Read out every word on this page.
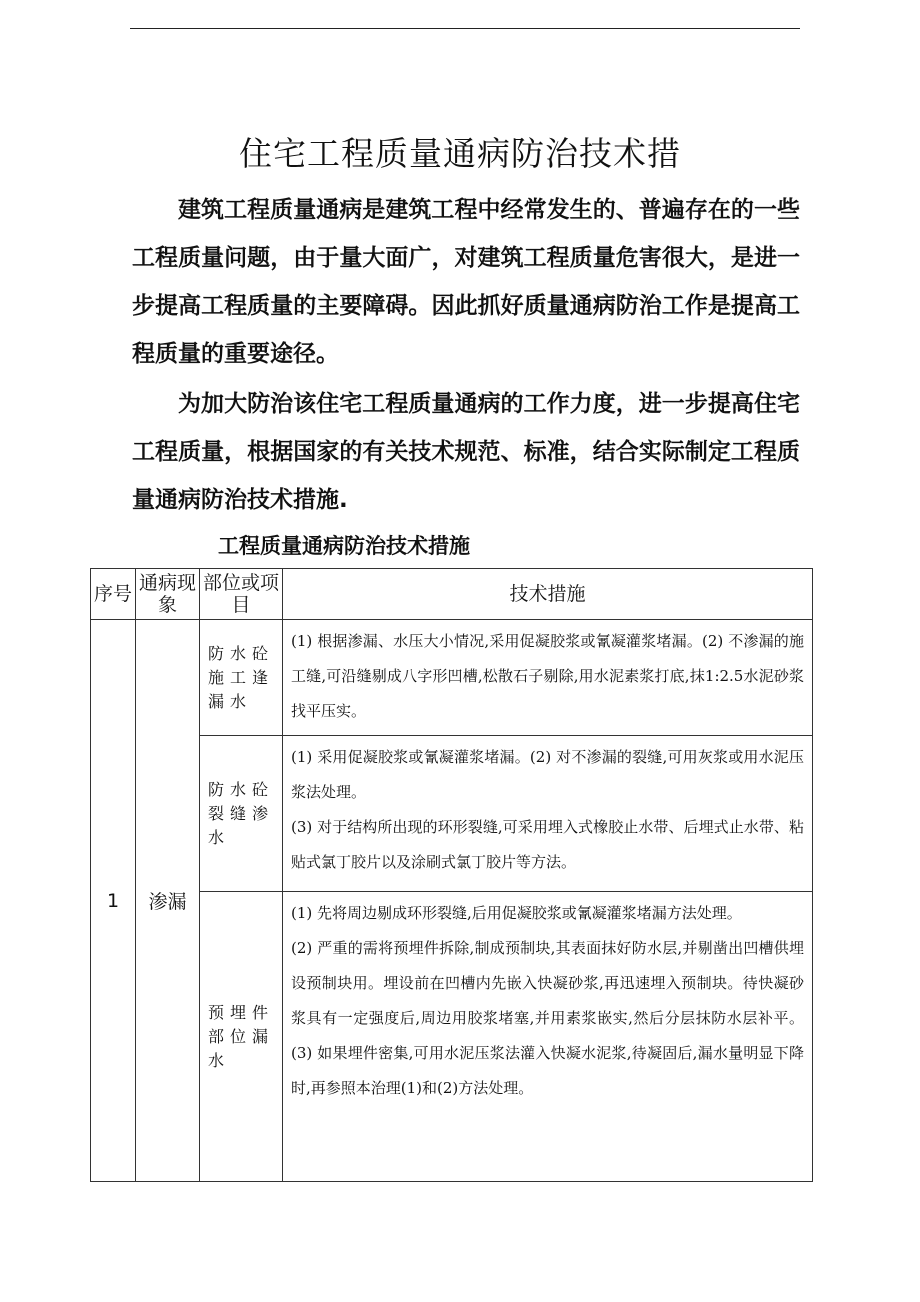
住宅工程质量通病防治技术措

建筑工程质量通病是建筑工程中经常发生的、普遍存在的一些工程质量问题，由于量大面广，对建筑工程质量危害很大，是进一步提高工程质量的主要障碍。因此抓好质量通病防治工作是提高工程质量的重要途径。

为加大防治该住宅工程质量通病的工作力度，进一步提高住宅工程质量，根据国家的有关技术规范、标准，结合实际制定工程质量通病防治技术措施.

工程质量通病防治技术措施
序号	通病现象	部位或项目	技术措施
1	渗漏	防水砼施工逢漏水	(1) 根据渗漏、水压大小情况,采用促凝胶浆或氰凝灌浆堵漏。(2) 不渗漏的施工缝,可沿缝剔成八字形凹槽,松散石子剔除,用水泥素浆打底,抹1:2.5水泥砂浆找平压实。

		防水砼裂缝渗水	(1) 采用促凝胶浆或氰凝灌浆堵漏。(2) 对不渗漏的裂缝,可用灰浆或用水泥压浆法处理。
(3) 对于结构所出现的环形裂缝,可采用埋入式橡胶止水带、后埋式止水带、粘贴式氯丁胶片以及涂刷式氯丁胶片等方法。

		预埋件部位漏水	(1) 先将周边剔成环形裂缝,后用促凝胶浆或氰凝灌浆堵漏方法处理。
(2) 严重的需将预埋件拆除,制成预制块,其表面抹好防水层,并剔凿出凹槽供埋设预制块用。埋设前在凹槽内先嵌入快凝砂浆,再迅速埋入预制块。待快凝砂浆具有一定强度后,周边用胶浆堵塞,并用素浆嵌实,然后分层抹防水层补平。(3) 如果埋件密集,可用水泥压浆法灌入快凝水泥浆,待凝固后,漏水量明显下降时,再参照本治理(1)和(2)方法处理。
